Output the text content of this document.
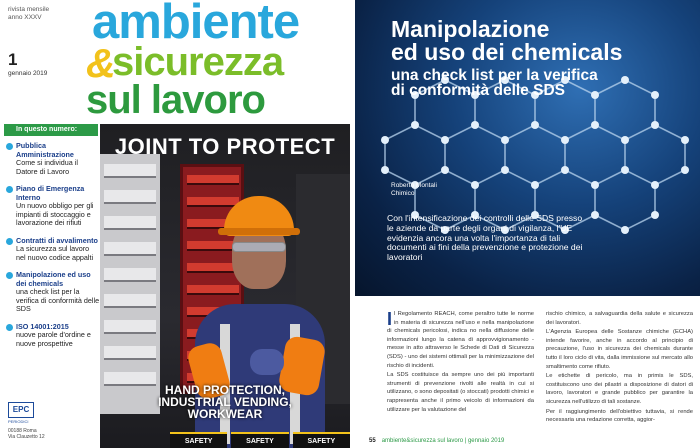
rivista mensile
anno XXXV
1
gennaio 2019
ambiente
&
sicurezza
sul lavoro
In questo numero:
Pubblica Amministrazione
Come si individua il Datore di Lavoro
Piano di Emergenza Interno
Un nuovo obbligo per gli impianti di stoccaggio e lavorazione dei rifiuti
Contratti di avvalimento
La sicurezza sul lavoro nel nuovo codice appalti
Manipolazione ed uso dei chemicals
una check list per la verifica di conformità delle SDS
ISO 14001:2015
nuove parole d'ordine e nuove prospettive
EPC
PERIODICI
00188 Roma
Via Clauzetto 12
JOINT TO PROTECT
HAND PROTECTION,
INDUSTRIAL VENDING,
WORKWEAR
SAFETY	SAFETY	SAFETY
Manipolazione
ed uso dei chemicals
una check list per la verifica
di conformità delle SDS
Roberto Montali
Chimico
Con l'intensificazione dei controlli delle SDS presso le aziende da parte degli organi di vigilanza, l'UE evidenzia ancora una volta l'importanza di tali documenti ai fini della prevenzione e protezione dei lavoratori

Il Regolamento REACH, come peraltro tutte le norme in materia di sicurezza nell'uso e nella manipolazione di chemicals pericolosi, indica no nella diffusione delle informazioni lungo la catena di approvvigionamento - messe in atto attraverso le Schede di Dati di Sicurezza (SDS) - uno dei sistemi ottimali per la minimizzazione del rischio di incidenti.

La SDS costituisce da sempre uno dei più importanti strumenti di prevenzione rivolti alle realtà in cui si utilizzano, o sono depositati (o stoccati) prodotti chimici e rappresenta anche il primo veicolo di informazioni da utilizzare per la valutazione del

rischio chimico, a salvaguardia della salute e sicurezza dei lavoratori.

L'Agenzia Europea delle Sostanze chimiche (ECHA) intende favorire, anche in accordo al principio di precauzione, l'uso in sicurezza dei chemicals durante tutto il loro ciclo di vita, dalla immissione sul mercato allo smaltimento come rifiuto.

Le etichette di pericolo, ma in primis le SDS, costituiscono uno dei pilastri a disposizione di datori di lavoro, lavoratori e grande pubblico per garantire la sicurezza nell'utilizzo di tali sostanze.

Per il raggiungimento dell'obiettivo tuttavia, si rende necessaria una redazione corretta, aggior-

55 ambiente&sicurezza sul lavoro | gennaio 2019
